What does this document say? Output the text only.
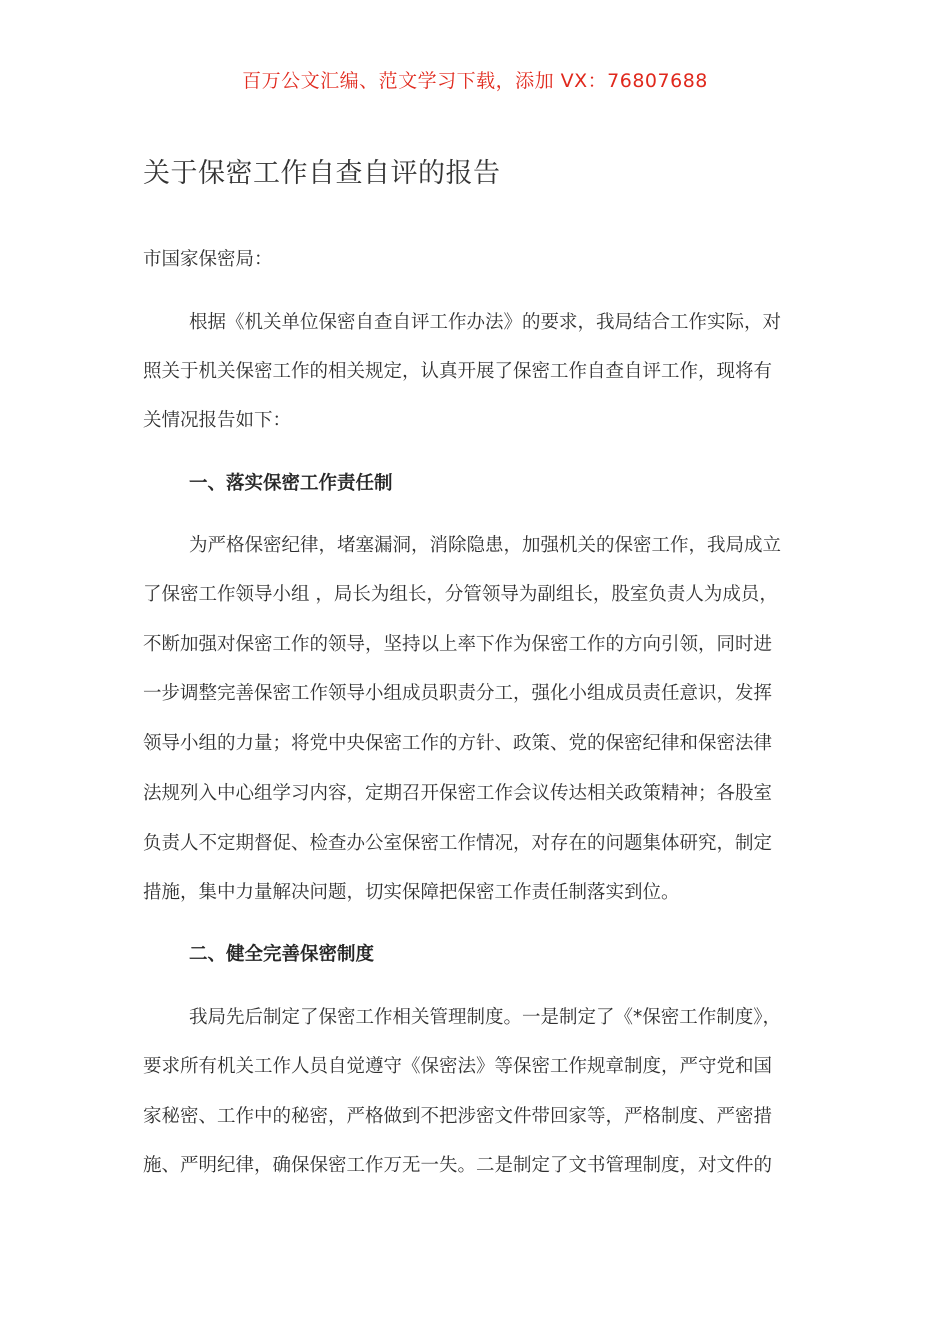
百万公文汇编、范文学习下载，添加 VX：76807688
关于保密工作自查自评的报告
市国家保密局：
根据《机关单位保密自查自评工作办法》的要求，我局结合工作实际，对
照关于机关保密工作的相关规定，认真开展了保密工作自查自评工作，现将有
关情况报告如下：
一、落实保密工作责任制
为严格保密纪律，堵塞漏洞，消除隐患，加强机关的保密工作，我局成立
了保密工作领导小组 ，局长为组长，分管领导为副组长，股室负责人为成员，
不断加强对保密工作的领导，坚持以上率下作为保密工作的方向引领，同时进
一步调整完善保密工作领导小组成员职责分工，强化小组成员责任意识，发挥
领导小组的力量；将党中央保密工作的方针、政策、党的保密纪律和保密法律
法规列入中心组学习内容，定期召开保密工作会议传达相关政策精神；各股室
负责人不定期督促、检查办公室保密工作情况，对存在的问题集体研究，制定
措施，集中力量解决问题，切实保障把保密工作责任制落实到位。
二、健全完善保密制度
我局先后制定了保密工作相关管理制度。一是制定了《*保密工作制度》，
要求所有机关工作人员自觉遵守《保密法》等保密工作规章制度，严守党和国
家秘密、工作中的秘密，严格做到不把涉密文件带回家等，严格制度、严密措
施、严明纪律，确保保密工作万无一失。二是制定了文书管理制度，对文件的
